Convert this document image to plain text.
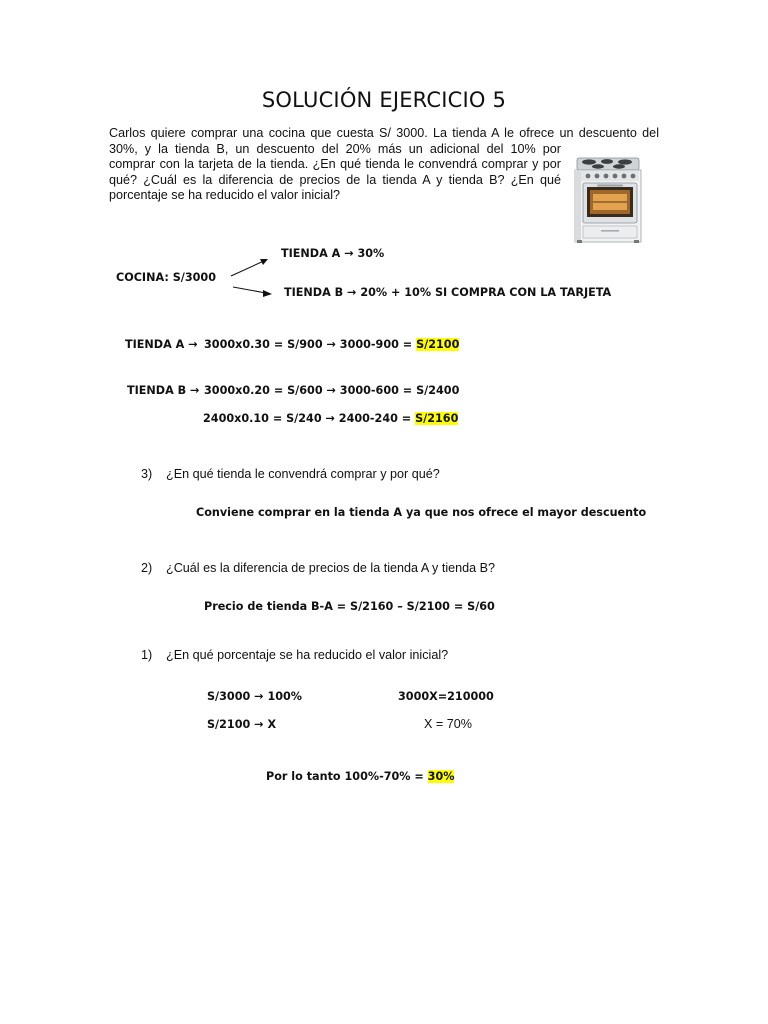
SOLUCIÓN EJERCICIO 5
Carlos quiere comprar una cocina que cuesta S/ 3000. La tienda A le ofrece un descuento del
30%, y la tienda B, un descuento del 20% más un adicional del 10% por
comprar con la tarjeta de la tienda. ¿En qué tienda le convendrá comprar y por
qué? ¿Cuál es la diferencia de precios de la tienda A y tienda B? ¿En qué
porcentaje se ha reducido el valor inicial?
TIENDA A → 30%
COCINA: S/3000
TIENDA B → 20% + 10% SI COMPRA CON LA TARJETA
TIENDA A → 3000x0.30 = S/900 → 3000-900 = S/2100
TIENDA B → 3000x0.20 = S/600 → 3000-600 = S/2400
2400x0.10 = S/240 → 2400-240 = S/2160
3) ¿En qué tienda le convendrá comprar y por qué?
Conviene comprar en la tienda A ya que nos ofrece el mayor descuento
2) ¿Cuál es la diferencia de precios de la tienda A y tienda B?
Precio de tienda B-A = S/2160 – S/2100 = S/60
1) ¿En qué porcentaje se ha reducido el valor inicial?
S/3000 → 100%	3000X=210000
S/2100 → X	X = 70%
Por lo tanto 100%-70% = 30%
